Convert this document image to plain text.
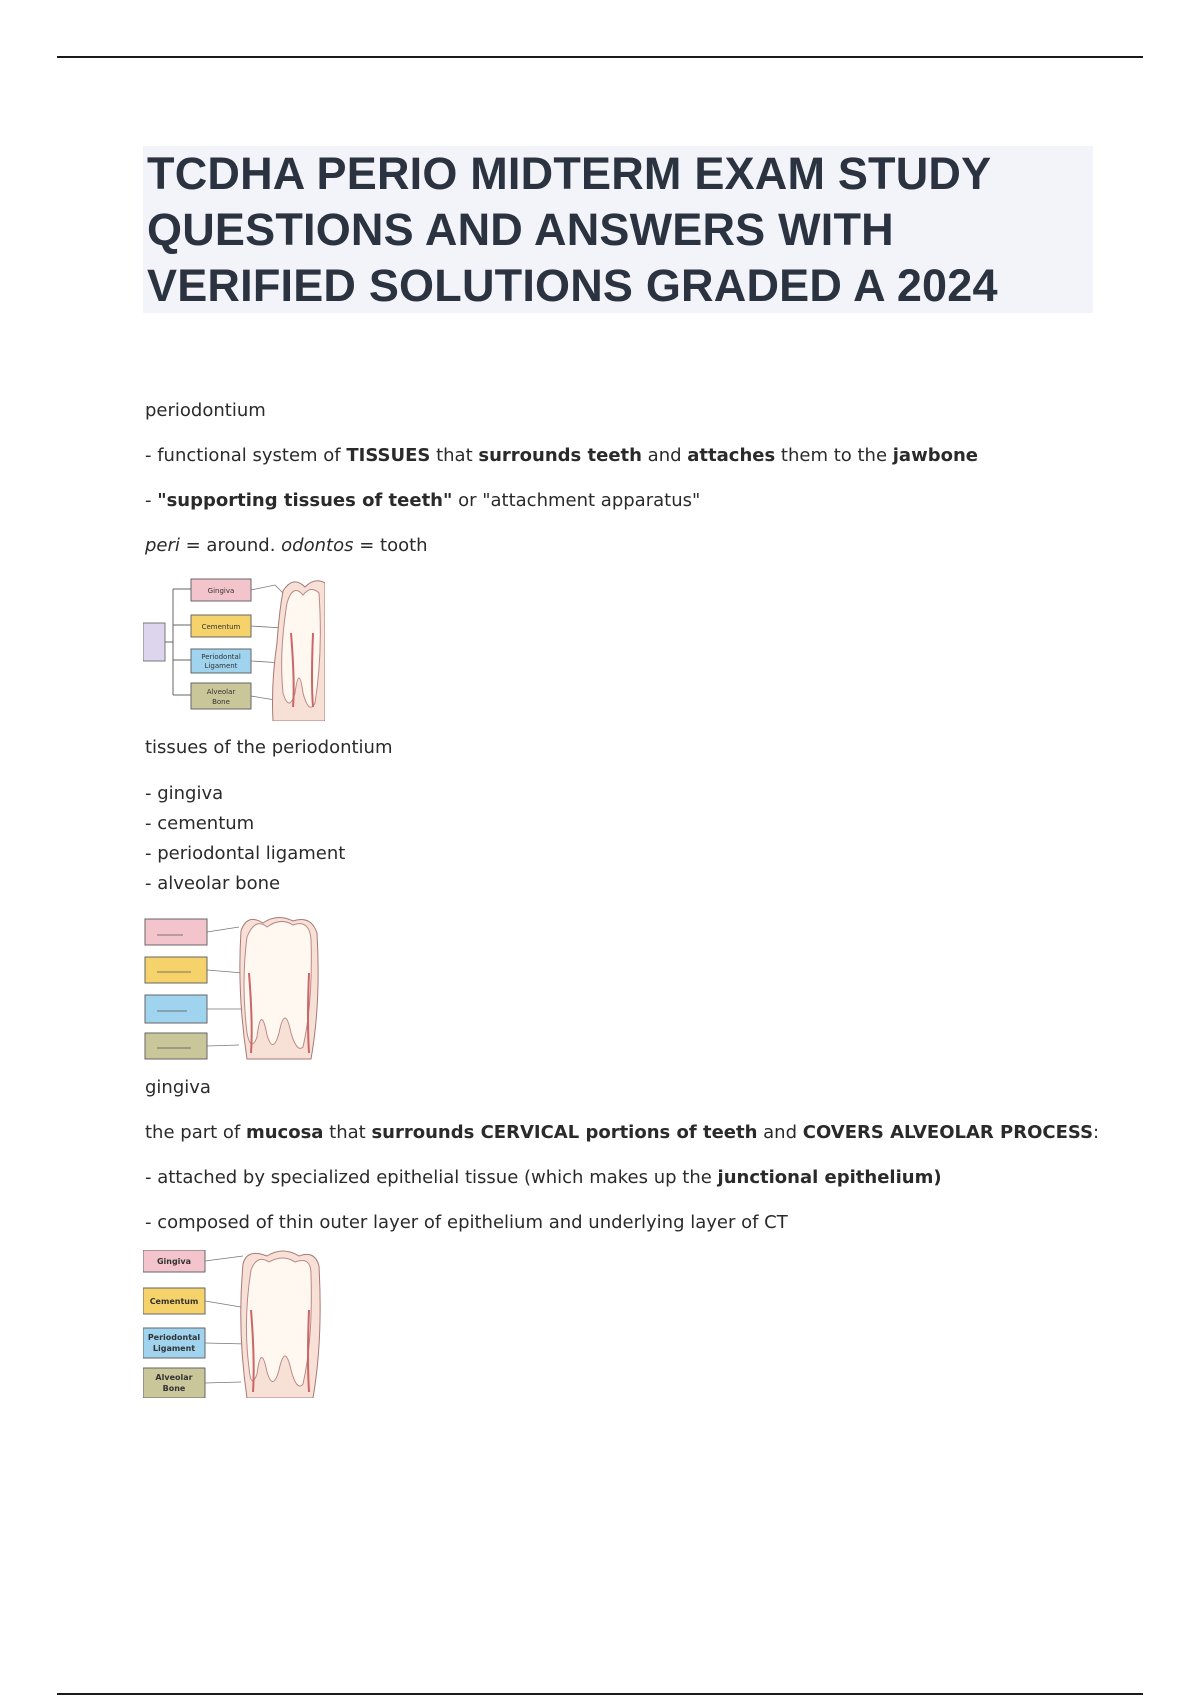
TCDHA PERIO MIDTERM EXAM STUDY QUESTIONS AND ANSWERS WITH VERIFIED SOLUTIONS GRADED A 2024

periodontium

- functional system of TISSUES that surrounds teeth and attaches them to the jawbone

- "supporting tissues of teeth" or "attachment apparatus"

peri = around. odontos = tooth

Gingiva
Cementum
Periodontal
Ligament
Alveolar
Bone

tissues of the periodontium

- gingiva

- cementum

- periodontal ligament

- alveolar bone

gingiva

the part of mucosa that surrounds CERVICAL portions of teeth and COVERS ALVEOLAR PROCESS:

- attached by specialized epithelial tissue (which makes up the junctional epithelium)

- composed of thin outer layer of epithelium and underlying layer of CT

Gingiva
Cementum
Periodontal
Ligament
Alveolar
Bone
